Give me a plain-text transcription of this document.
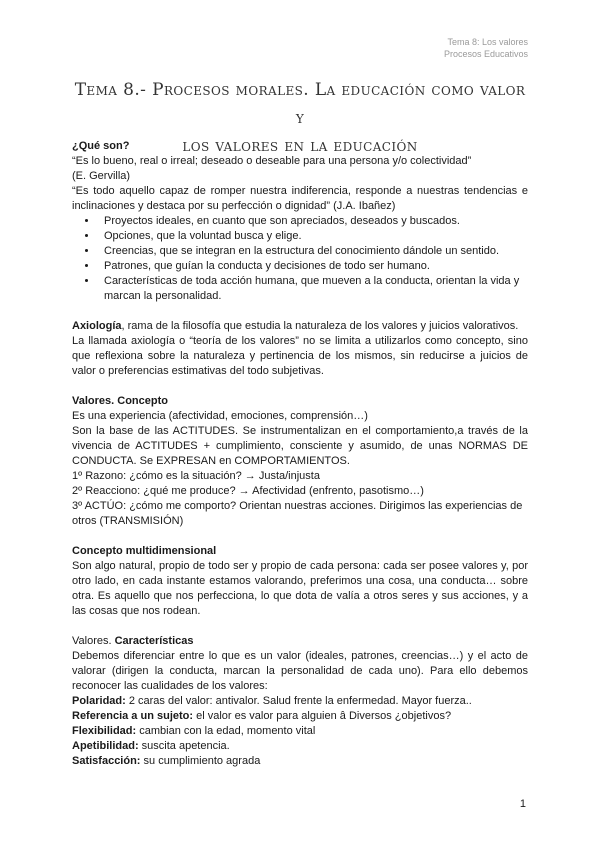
Tema 8: Los valores
Procesos Educativos
Tema 8.- Procesos morales. La educación como valor y
los valores en la educación
¿Qué son?

“Es lo bueno, real o irreal; deseado o deseable para una persona y/o colectividad”

(E. Gervilla)

“Es todo aquello capaz de romper nuestra indiferencia, responde a nuestras tendencias e inclinaciones y destaca por su perfección o dignidad” (J.A. Ibañez)

• Proyectos ideales, en cuanto que son apreciados, deseados y buscados.
• Opciones, que la voluntad busca y elige.
• Creencias, que se integran en la estructura del conocimiento dándole un sentido.
• Patrones, que guían la conducta y decisiones de todo ser humano.
• Características de toda acción humana, que mueven a la conducta, orientan la vida y marcan la personalidad.

Axiología, rama de la filosofía que estudia la naturaleza de los valores y juicios valorativos.

La llamada axiología o “teoría de los valores” no se limita a utilizarlos como concepto, sino que reflexiona sobre la naturaleza y pertinencia de los mismos, sin reducirse a juicios de valor o preferencias estimativas del todo subjetivas.

Valores. Concepto

Es una experiencia (afectividad, emociones, comprensión…)

Son la base de las ACTITUDES. Se instrumentalizan en el comportamiento,a través de la vivencia de ACTITUDES + cumplimiento, consciente y asumido, de unas NORMAS DE CONDUCTA. Se EXPRESAN en COMPORTAMIENTOS.

1º Razono: ¿cómo es la situación? → Justa/injusta

2º Reacciono: ¿qué me produce? → Afectividad (enfrento, pasotismo…)

3º ACTÚO: ¿cómo me comporto? Orientan nuestras acciones. Dirigimos las experiencias de otros (TRANSMISIÓN)

Concepto multidimensional

Son algo natural, propio de todo ser y propio de cada persona: cada ser posee valores y, por otro lado, en cada instante estamos valorando, preferimos una cosa, una conducta… sobre otra. Es aquello que nos perfecciona, lo que dota de valía a otros seres y sus acciones, y a las cosas que nos rodean.

Valores. Características

Debemos diferenciar entre lo que es un valor (ideales, patrones, creencias…) y el acto de valorar (dirigen la conducta, marcan la personalidad de cada uno). Para ello debemos reconocer las cualidades de los valores:

Polaridad: 2 caras del valor: antivalor. Salud frente la enfermedad. Mayor fuerza..

Referencia a un sujeto: el valor es valor para alguien â Diversos ¿objetivos?

Flexibilidad: cambian con la edad, momento vital

Apetibilidad: suscita apetencia.

Satisfacción: su cumplimiento agrada

1
